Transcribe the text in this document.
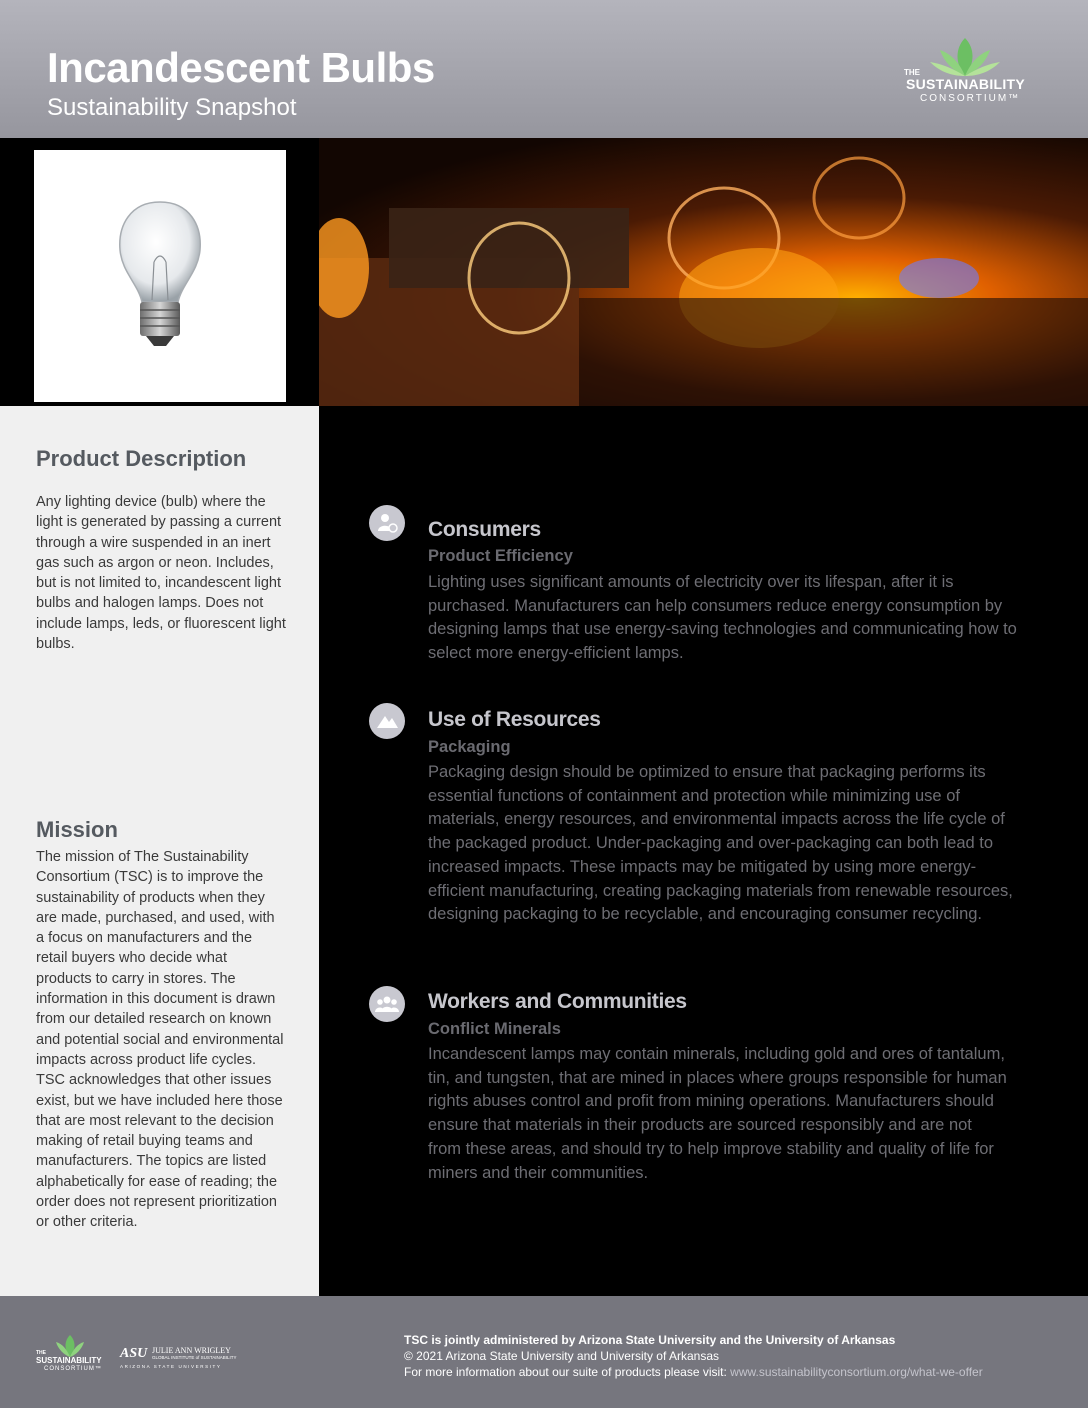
Incandescent Bulbs

Sustainability Snapshot

THE
SUSTAINABILITY
CONSORTIUM™
Product Description

Any lighting device (bulb) where the light is generated by passing a current through a wire suspended in an inert gas such as argon or neon. Includes, but is not limited to, incandescent light bulbs and halogen lamps. Does not include lamps, leds, or fluorescent light bulbs.

Mission

The mission of The Sustainability Consortium (TSC) is to improve the sustainability of products when they are made, purchased, and used, with a focus on manufacturers and the retail buyers who decide what products to carry in stores. The information in this document is drawn from our detailed research on known and potential social and environmental impacts across product life cycles. TSC acknowledges that other issues exist, but we have included here those that are most relevant to the decision making of retail buying teams and manufacturers. The topics are listed alphabetically for ease of reading; the order does not represent prioritization or other criteria.

Consumers
Product Efficiency

Lighting uses significant amounts of electricity over its lifespan, after it is purchased. Manufacturers can help consumers reduce energy consumption by designing lamps that use energy-saving technologies and communicating how to select more energy-efficient lamps.

Use of Resources
Packaging

Packaging design should be optimized to ensure that packaging performs its essential functions of containment and protection while minimizing use of materials, energy resources, and environmental impacts across the life cycle of the packaged product. Under-packaging and over-packaging can both lead to increased impacts. These impacts may be mitigated by using more energy-efficient manufacturing, creating packaging materials from renewable resources, designing packaging to be recyclable, and encouraging consumer recycling.

Workers and Communities
Conflict Minerals

Incandescent lamps may contain minerals, including gold and ores of tantalum, tin, and tungsten, that are mined in places where groups responsible for human rights abuses control and profit from mining operations. Manufacturers should ensure that materials in their products are sourced responsibly and are not from these areas, and should try to help improve stability and quality of life for miners and their communities.

THE
SUSTAINABILITY
CONSORTIUM™
ASU JULIE ANN WRIGLEY
GLOBAL INSTITUTE of SUSTAINABILITY
ARIZONA STATE UNIVERSITY

TSC is jointly administered by Arizona State University and the University of Arkansas

© 2021 Arizona State University and University of Arkansas

For more information about our suite of products please visit: www.sustainabilityconsortium.org/what-we-offer
